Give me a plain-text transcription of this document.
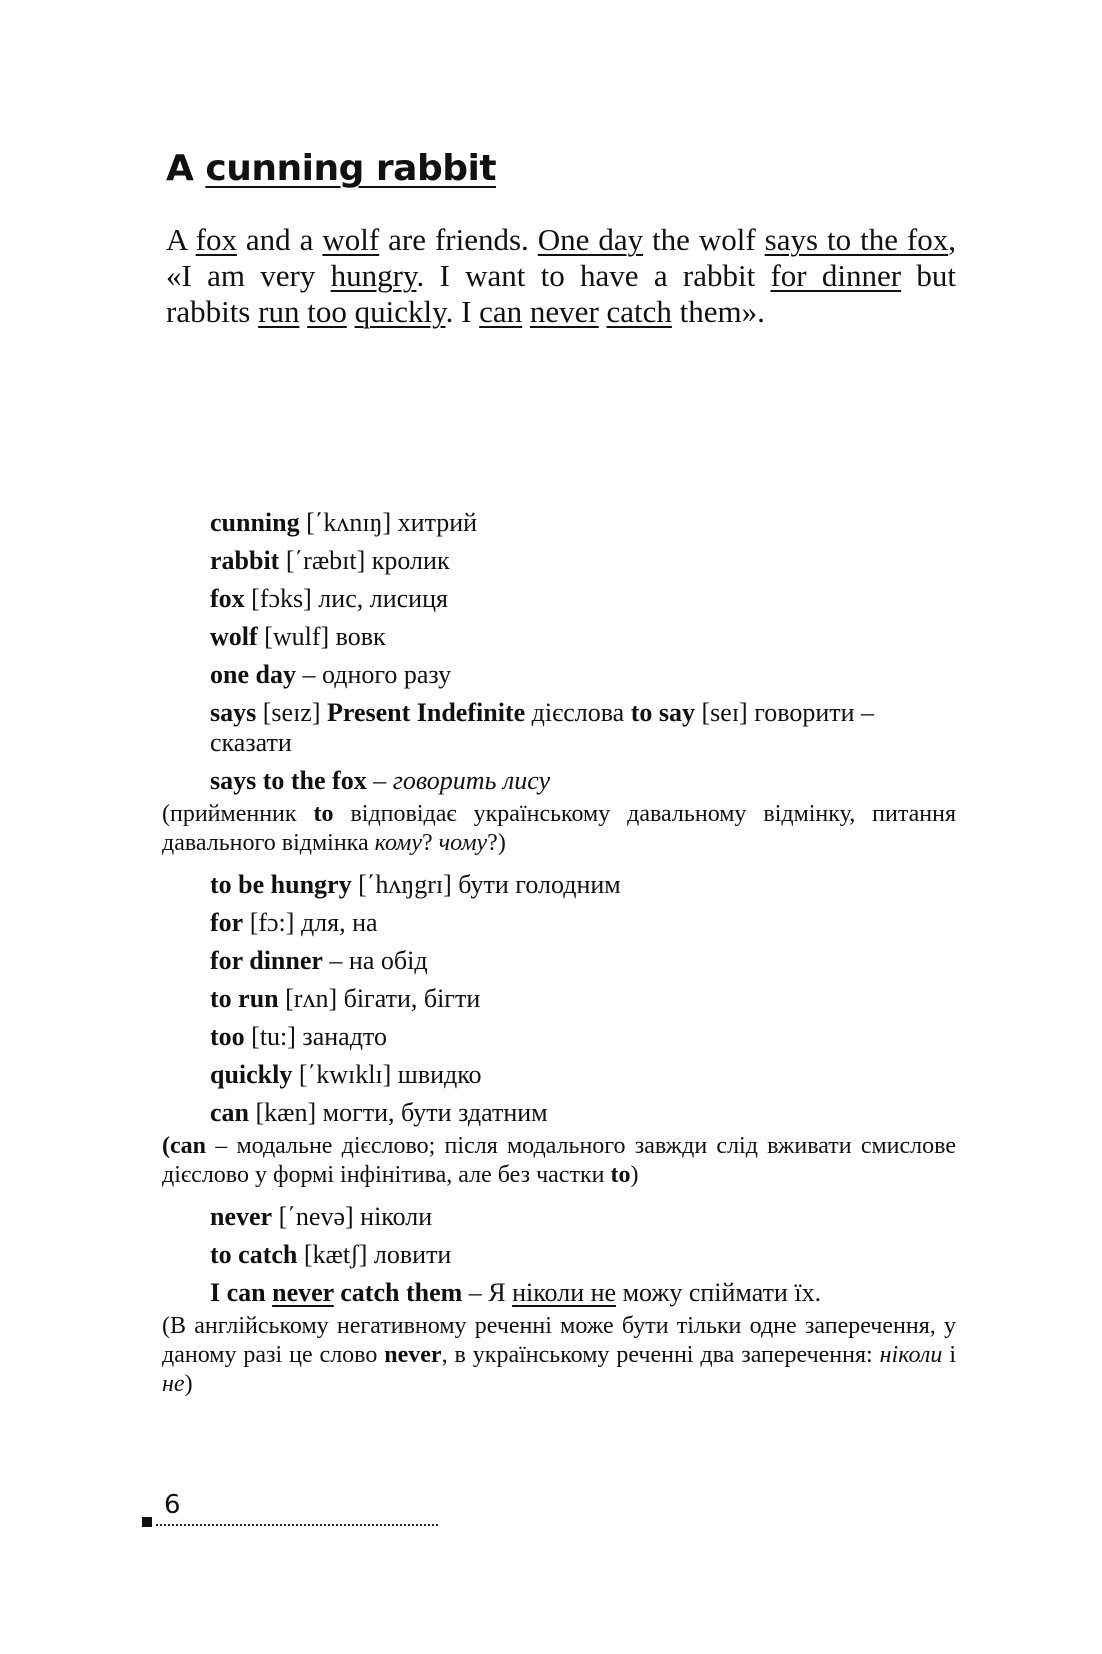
A cunning rabbit

A fox and a wolf are friends. One day the wolf says to the fox, «I am very hungry. I want to have a rabbit for dinner but rabbits run too quickly. I can never catch them».

cunning [΄kʌnɪŋ] хитрий

rabbit [΄ræbɪt] кролик

fox [fɔks] лис, лисиця

wolf [wulf] вовк

one day – одного разу

says [seɪz] Present Indefinite дієслова to say [seɪ] говорити – сказати

says to the fox – говорить лису

(прийменник to відповідає українському давальному відмінку, питання давального відмінка кому? чому?)

to be hungry [΄hʌŋgrɪ] бути голодним

for [fɔ:] для, на

for dinner – на обід

to run [rʌn] бігати, бігти

too [tu:] занадто

quickly [΄kwɪklɪ] швидко

can [kæn] могти, бути здатним

(can – модальне дієслово; після модального завжди слід вживати смислове дієслово у формі інфінітива, але без частки to)

never [΄nevə] ніколи

to catch [kætʃ] ловити

I can never catch them – Я ніколи не можу спіймати їх.

(В англійському негативному реченні може бути тільки одне заперечення, у даному разі це слово never, в українському реченні два заперечення: ніколи і не)

6
